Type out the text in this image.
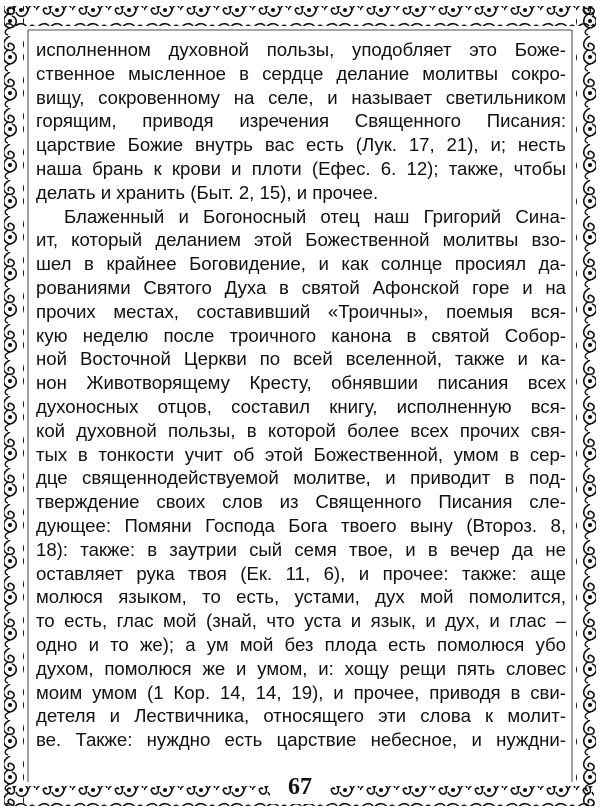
исполненном духовной пользы, уподобляет это Боже-
ственное мысленное в сердце делание молитвы сокро-
вищу, сокровенному на селе, и называет светильником
горящим, приводя изречения Священного Писания:
царствие Божие внутрь вас есть (Лук. 17, 21), и; несть
наша брань к крови и плоти (Ефес. 6. 12); также, чтобы
делать и хранить (Быт. 2, 15), и прочее.
Блаженный и Богоносный отец наш Григорий Сина-
ит, который деланием этой Божественной молитвы взо-
шел в крайнее Боговидение, и как солнце просиял да-
рованиями Святого Духа в святой Афонской горе и на
прочих местах, составивший «Троичны», поемыя вся-
кую неделю после троичного канона в святой Собор-
ной Восточной Церкви по всей вселенной, также и ка-
нон Животворящему Кресту, обнявшии писания всех
духоносных отцов, составил книгу, исполненную вся-
кой духовной пользы, в которой более всех прочих свя-
тых в тонкости учит об этой Божественной, умом в сер-
дце священнодействуемой молитве, и приводит в под-
тверждение своих слов из Священного Писания сле-
дующее: Помяни Господа Бога твоего выну (Второз. 8,
18): также: в заутрии сый семя твое, и в вечер да не
оставляет рука твоя (Ек. 11, 6), и прочее: также: аще
молюся языком, то есть, устами, дух мой помолится,
то есть, глас мой (знай, что уста и язык, и дух, и глас –
одно и то же); а ум мой без плода есть помолюся убо
духом, помолюся же и умом, и: хощу рещи пять словес
моим умом (1 Кор. 14, 14, 19), и прочее, приводя в сви-
детеля и Лествичника, относящего эти слова к молит-
ве. Также: нуждно есть царствие небесное, и нуждни-
67
